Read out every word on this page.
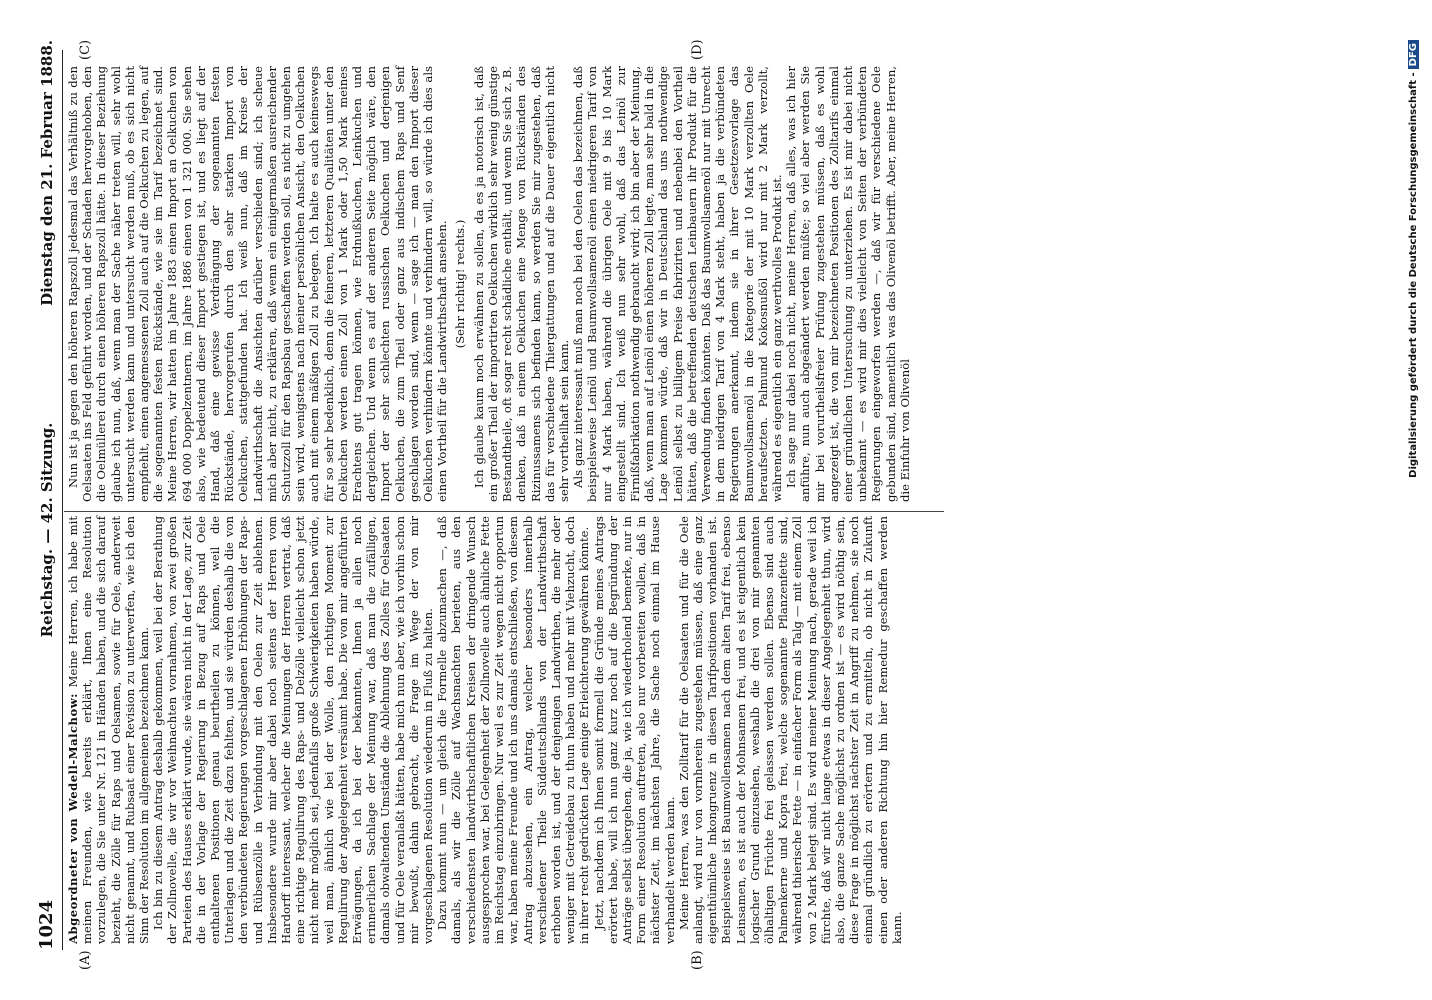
1024
Reichstag. — 42. Sitzung.
Dienstag den 21. Februar 1888.
(A)	(B)
(C)	(D)

Abgeordneter von Wedell-Malchow: Meine Herren, ich habe mit meinen Freunden, wie bereits erklärt, Ihnen eine Resolution vorzulegen, die Sie unter Nr. 121 in Händen haben, und die sich darauf bezieht, die Zölle für Raps und Oelsamen, sowie für Oele, anderweit nicht genannt, und Rubsaat einer Revision zu unterwerfen, wie ich den Sinn der Resolution im allgemeinen bezeichnen kann. Ich bin zu diesem Antrag deshalb gekommen, weil bei der Berathung der Zollnovelle, die wir vor Weihnachten vornahmen, von zwei großen Parteien des Hauses erklärt wurde, sie wären nicht in der Lage, zur Zeit die in der Vorlage der Regierung in Bezug auf Raps und Oele enthaltenen Positionen genau beurtheilen zu können, weil die Unterlagen und die Zeit dazu fehlten, und sie würden deshalb die von den verbündeten Regierungen vorgeschlagenen Erhöhungen der Raps- und Rübsenzölle in Verbindung mit den Oelen zur Zeit ablehnen. Insbesondere wurde mir aber dabei noch seitens der Herren vom Hardorff interessant, welcher die Meinungen der Herren vertrat, daß eine richtige Regulirung des Raps- und Delzölle vielleicht schon jetzt nicht mehr möglich sei, jedenfalls große Schwierigkeiten haben würde, weil man, ähnlich wie bei der Wolle, den richtigen Moment zur Regulirung der Angelegenheit versäumt habe. Die von mir angeführten Erwägungen, da ich bei der bekannten, Ihnen ja allen noch erinnerlichen Sachlage der Meinung war, daß man die zufälligen, damals obwaltenden Umstände die Ablehnung des Zolles für Oelsaaten und für Oele veranlaßt hätten, habe mich nun aber, wie ich vorhin schon mir bewußt, dahin gebracht, die Frage im Wege der von mir vorgeschlagenen Resolution wiederum in Fluß zu halten. Dazu kommt nun — um gleich die Formelle abzumachen —, daß damals, als wir die Zölle auf Wachsnachten berieten, aus den verschiedensten landwirthschaftlichen Kreisen der dringende Wunsch ausgesprochen war, bei Gelegenheit der Zollnovelle auch ähnliche Fette im Reichstag einzubringen. Nur weil es zur Zeit wegen nicht opportun war, haben meine Freunde und ich uns damals entschließen, von diesem Antrag abzusehen, ein Antrag, welcher besonders innerhalb verschiedener Theile Süddeutschlands von der Landwirthschaft erhoben worden ist, und der denjenigen Landwirthen, die mehr oder weniger mit Getreidebau zu thun haben und mehr mit Viehzucht, doch in ihrer recht gedrückten Lage einige Erleichterung gewähren könnte. Jetzt, nachdem ich Ihnen somit formell die Gründe meines Antrags erörtert habe, will ich nun ganz kurz noch auf die Begründung der Anträge selbst übergehen, die ja, wie ich wiederholend bemerke, nur in Form einer Resolution auftreten, also nur vorbereiten wollen, daß in nächster Zeit, im nächsten Jahre, die Sache noch einmal im Hause verhandelt werden kann. Meine Herren, was den Zolltarif für die Oelsaaten und für die Oele anlangt, wird nur von vornherein zugestehen müssen, daß eine ganz eigenthümliche Inkongruenz in diesen Tarifpositionen vorhanden ist. Beispielsweise ist Baumwollensamen nach dem alten Tarif frei, ebenso Leinsamen, es ist auch der Mohnsamen frei, und es ist eigentlich kein logischer Grund einzusehen, weshalb die drei von mir genannten ölhaltigen Früchte frei gelassen werden sollen. Ebenso sind auch Palmenkerne und Kopra frei, welche sogenannte Pflanzenfette sind, während thierische Fette — in einfacher Form als Talg — mit einem Zoll von 2 Mark belegt sind. Es wird meiner Meinung nach, gerade weil ich fürchte, daß wir nicht lange etwas in dieser Angelegenheit thun, wird also, die ganze Sache möglichst zu ordnen ist — es wird nöthig sein, diese Frage in möglichst nächster Zeit in Angriff zu nehmen, sie noch einmal gründlich zu erörtern und zu ermitteln, ob nicht in Zukunft einen oder anderen Richtung hin hier Remedur geschaffen werden kann.

Nun ist ja gegen den höheren Rapszoll jedesmal das Verhältniß zu den Oelsaaten ins Feld geführt worden, und der Schaden hervorgehoben, den die Oelmüllerei durch einen höheren Rapszoll hätte. In dieser Beziehung glaube ich nun, daß, wenn man der Sache näher treten will, sehr wohl untersucht werden kann und untersucht werden muß, ob es sich nicht empfiehlt, einen angemessenen Zoll auch auf die Oelkuchen zu legen, auf die sogenannten festen Rückstände, wie sie im Tarif bezeichnet sind. Meine Herren, wir hatten im Jahre 1883 einen Import an Oelkuchen von 694 000 Doppelzentnern, im Jahre 1886 einen von 1 321 000. Sie sehen also, wie bedeutend dieser Import gestiegen ist, und es liegt auf der Hand, daß eine gewisse Verdrängung der sogenannten festen Rückstände, hervorgerufen durch den sehr starken Import von Oelkuchen, stattgefunden hat. Ich weiß nun, daß im Kreise der Landwirthschaft die Ansichten darüber verschieden sind; ich scheue mich aber nicht, zu erklären, daß wenn ein einigermaßen ausreichender Schutzzoll für den Rapsbau geschaffen werden soll, es nicht zu umgehen sein wird, wenigstens nach meiner persönlichen Ansicht, den Oelkuchen auch mit einem mäßigen Zoll zu belegen. Ich halte es auch keineswegs für so sehr bedenklich, denn die feineren, letzteren Qualitäten unter den Oelkuchen werden einen Zoll von 1 Mark oder 1,50 Mark meines Erachtens gut tragen können, wie Erdnußkuchen, Leinkuchen und dergleichen. Und wenn es auf der anderen Seite möglich wäre, den Import der sehr schlechten russischen Oelkuchen und derjenigen Oelkuchen, die zum Theil oder ganz aus indischem Raps und Senf geschlagen worden sind, wenn — sage ich — man den Import dieser Oelkuchen verhindern könnte und verhindern will, so würde ich dies als einen Vortheil für die Landwirthschaft ansehen. (Sehr richtig! rechts.) Ich glaube kaum noch erwähnen zu sollen, da es ja notorisch ist, daß ein großer Theil der importirten Oelkuchen wirklich sehr wenig günstige Bestandtheile, oft sogar recht schädliche enthält, und wenn Sie sich z. B. denken, daß in einem Oelkuchen eine Menge von Rückständen des Rizinussamens sich befinden kann, so werden Sie mir zugestehen, daß das für verschiedene Thiergattungen und auf die Dauer eigentlich nicht sehr vortheilhaft sein kann. Als ganz interessant muß man noch bei den Oelen das bezeichnen, daß beispielsweise Leinöl und Baumwollsamenöl einen niedrigeren Tarif von nur 4 Mark haben, während die übrigen Oele mit 9 bis 10 Mark eingestellt sind. Ich weiß nun sehr wohl, daß das Leinöl zur Firnißfabrikation nothwendig gebraucht wird; ich bin aber der Meinung, daß, wenn man auf Leinöl einen höheren Zoll legte, man sehr bald in die Lage kommen würde, daß wir in Deutschland das uns nothwendige Leinöl selbst zu billigem Preise fabrizirten und nebenbei den Vortheil hätten, daß die betreffenden deutschen Leinbauern ihr Produkt für die Verwendung finden könnten. Daß das Baumwollsamenöl nur mit Unrecht in dem niedrigen Tarif von 4 Mark steht, haben ja die verbündeten Regierungen anerkannt, indem sie in ihrer Gesetzesvorlage das Baumwollsamenöl in die Kategorie der mit 10 Mark verzollten Oele heraufsetzten. Palmund Kokosnußöl wird nur mit 2 Mark verzollt, während es eigentlich ein ganz werthvolles Produkt ist. Ich sage nur dabei noch nicht, meine Herren, daß alles, was ich hier anführe, nun auch abgeändert werden müßte; so viel aber werden Sie mir bei vorurtheilsfreier Prüfung zugestehen müssen, daß es wohl angezeigt ist, die von mir bezeichneten Positionen des Zolltarifs einmal einer gründlichen Untersuchung zu unterziehen. Es ist mir dabei nicht unbekannt — es wird mir dies vielleicht von Seiten der verbündeten Regierungen eingeworfen werden —, daß wir für verschiedene Oele gebunden sind, namentlich was das Olivenöl betrifft. Aber, meine Herren, die Einfuhr von Olivenöl	Digitalisierung gefördert durch die Deutsche Forschungsgemeinschaft -DFG
